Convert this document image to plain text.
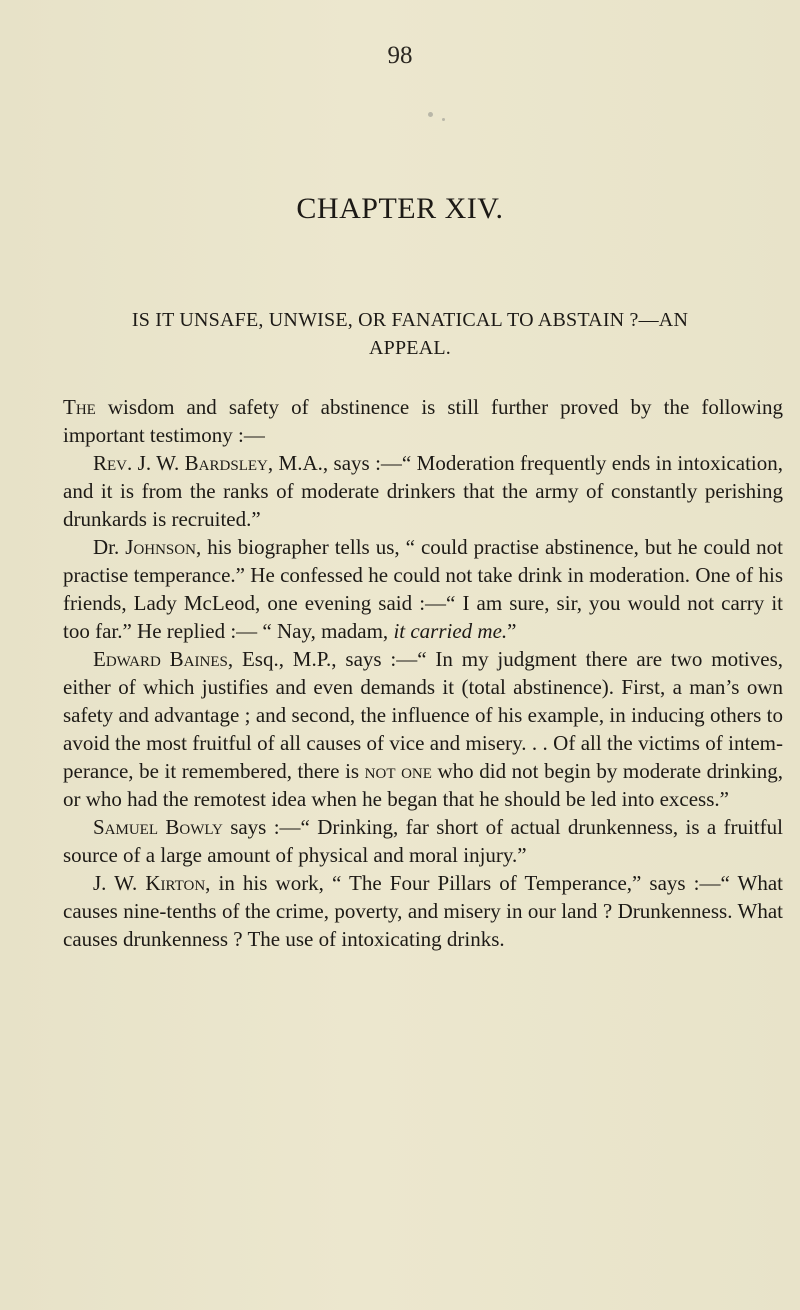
98
CHAPTER XIV.
IS IT UNSAFE, UNWISE, OR FANATICAL TO ABSTAIN ?—AN APPEAL.

The wisdom and safety of abstinence is still further proved by the following important testimony :—

Rev. J. W. Bardsley, M.A., says :—“ Moderation frequently ends in intoxication, and it is from the ranks of moderate drinkers that the army of constantly perishing drunkards is recruited.”

Dr. Johnson, his biographer tells us, “ could practise abstinence, but he could not practise temperance.” He confessed he could not take drink in moderation. One of his friends, Lady McLeod, one evening said :—“ I am sure, sir, you would not carry it too far.” He replied :— “ Nay, madam, it carried me.”

Edward Baines, Esq., M.P., says :—“ In my judgment there are two motives, either of which justifies and even demands it (total abstinence). First, a man’s own safety and advantage ; and second, the influence of his example, in inducing others to avoid the most fruitful of all causes of vice and misery. . . Of all the victims of intemperance, be it remembered, there is not one who did not begin by moderate drinking, or who had the remotest idea when he began that he should be led into excess.”

Samuel Bowly says :—“ Drinking, far short of actual drunkenness, is a fruitful source of a large amount of physical and moral injury.”

J. W. Kirton, in his work, “ The Four Pillars of Temperance,” says :—“ What causes nine-tenths of the crime, poverty, and misery in our land ? Drunkenness. What causes drunkenness ? The use of intoxicating drinks.
